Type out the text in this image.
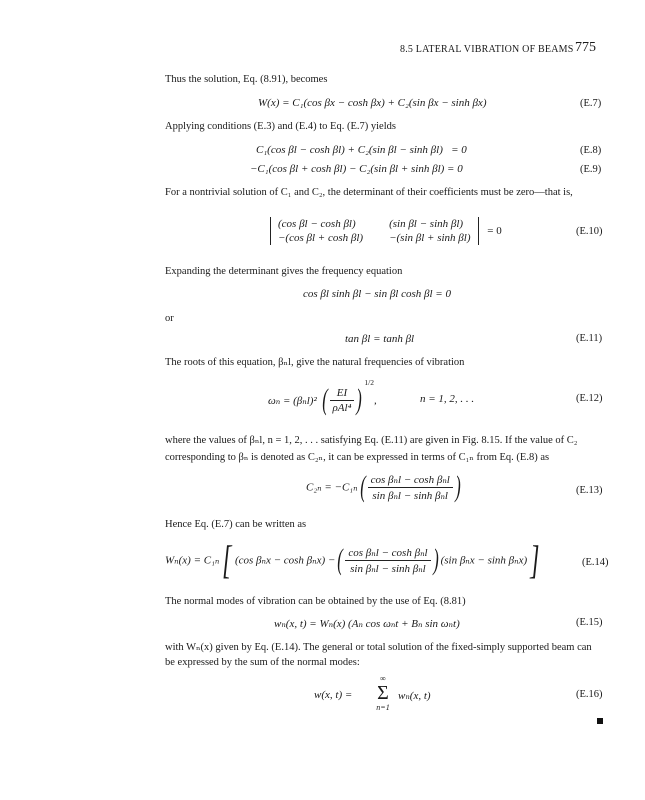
8.5 LATERAL VIBRATION OF BEAMS 775
Thus the solution, Eq. (8.91), becomes
W(x) = C₁(cos βx − cosh βx) + C₂(sin βx − sinh βx)	(E.7)
Applying conditions (E.3) and (E.4) to Eq. (E.7) yields
C₁(cos βl − cosh βl) + C₂(sin βl − sinh βl)   = 0	(E.8)
−C₁(cos βl + cosh βl) − C₂(sin βl + sinh βl) = 0	(E.9)
For a nontrivial solution of C₁ and C₂, the determinant of their coefficients must be zero—that is,
(cos βl − cosh βl)	(sin βl − sinh βl)
−(cos βl + cosh βl)	−(sin βl + sinh βl)
= 0	(E.10)
Expanding the determinant gives the frequency equation
cos βl sinh βl − sin βl cosh βl = 0
or
tan βl = tanh βl	(E.11)
The roots of this equation, βₙl, give the natural frequencies of vibration
ωₙ = (βₙl)² ( $\frac{EI}{\text{ρAl⁴}} )^{1/2}$,	n = 1, 2, . . .	(E.12)
where the values of βₙl, n = 1, 2, . . . satisfying Eq. (E.11) are given in Fig. 8.15. If the value of C₂
corresponding to βₙ is denoted as C₂ₙ, it can be expressed in terms of C₁ₙ from Eq. (E.8) as
$C_{2n} = -C_{1n}( \frac{\text{cos βₙl − cosh βₙl}}{\text{sin βₙl − sinh βₙl}}$ )	(E.13)
Hence Eq. (E.7) can be written as
Wₙ(x) = C₁ₙ[ (cos βₙx − cosh βₙx) −( $\frac{\text{cos βₙl − cosh βₙl}}{\text{sin βₙl − sinh βₙl}}$ ) (sin βₙx − sinh βₙx)]	(E.14)
The normal modes of vibration can be obtained by the use of Eq. (8.81)
wₙ(x, t) = Wₙ(x) (Aₙ cos ωₙt + Bₙ sin ωₙt)	(E.15)
with Wₙ(x) given by Eq. (E.14). The general or total solution of the fixed-simply supported beam can
be expressed by the sum of the normal modes:
w(x, t) =
∞
Σ
n=1
wₙ(x, t)	(E.16)
